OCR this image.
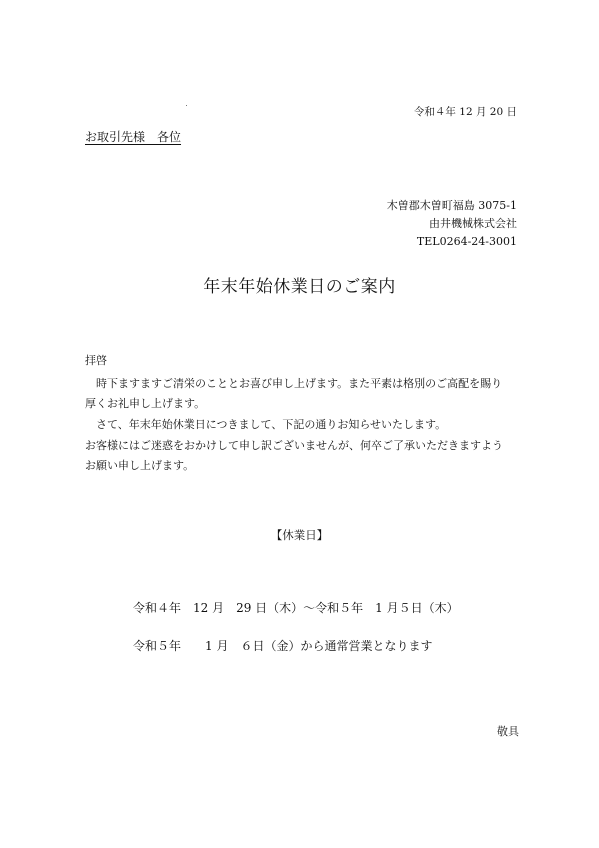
令和４年 12 月 20 日
お取引先様　各位
木曽郡木曽町福島 3075-1
由井機械株式会社
TEL0264-24-3001
年末年始休業日のご案内
拝啓
　時下ますますご清栄のこととお喜び申し上げます。また平素は格別のご高配を賜り
厚くお礼申し上げます。
　さて、年末年始休業日につきまして、下記の通りお知らせいたします。
お客様にはご迷惑をおかけして申し訳ございませんが、何卒ご了承いただきますよう
お願い申し上げます。
【休業日】
令和４年　12 月　29 日（木）～令和５年　1 月５日（木）
令和５年　　1 月　６日（金）から通常営業となります
敬具
